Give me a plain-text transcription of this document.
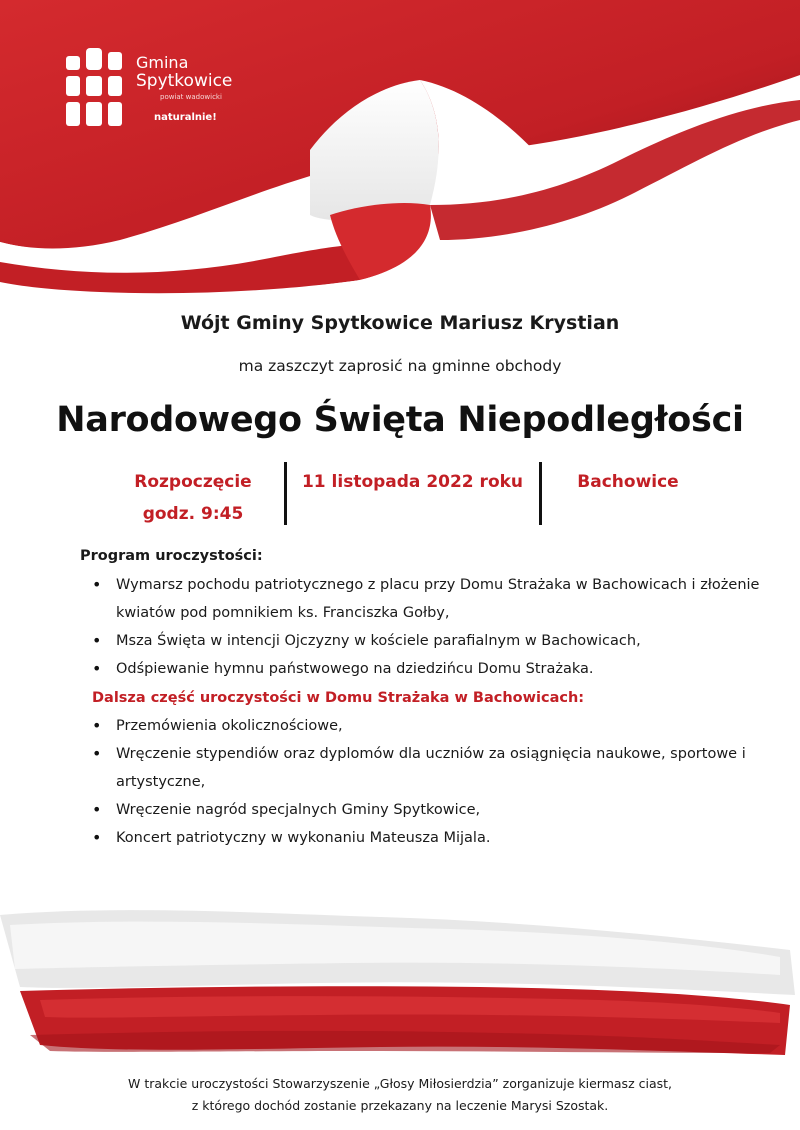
Gmina
Spytkowice
powiat wadowicki
naturalnie!
Wójt Gminy Spytkowice Mariusz Krystian
ma zaszczyt zaprosić na gminne obchody
Narodowego Święta Niepodległości
Rozpoczęcie
godz. 9:45
11 listopada 2022 roku	Bachowice
Program uroczystości:
• Wymarsz pochodu patriotycznego z placu przy Domu Strażaka w Bachowicach i złożenie kwiatów pod pomnikiem ks. Franciszka Gołby,
• Msza Święta w intencji Ojczyzny w kościele parafialnym w Bachowicach,
• Odśpiewanie hymnu państwowego na dziedzińcu Domu Strażaka.
Dalsza część uroczystości w Domu Strażaka w Bachowicach:
• Przemówienia okolicznościowe,
• Wręczenie stypendiów oraz dyplomów dla uczniów za osiągnięcia naukowe, sportowe i artystyczne,
• Wręczenie nagród specjalnych Gminy Spytkowice,
• Koncert patriotyczny w wykonaniu Mateusza Mijala.
W trakcie uroczystości Stowarzyszenie „Głosy Miłosierdzia” zorganizuje kiermasz ciast,
z którego dochód zostanie przekazany na leczenie Marysi Szostak.
